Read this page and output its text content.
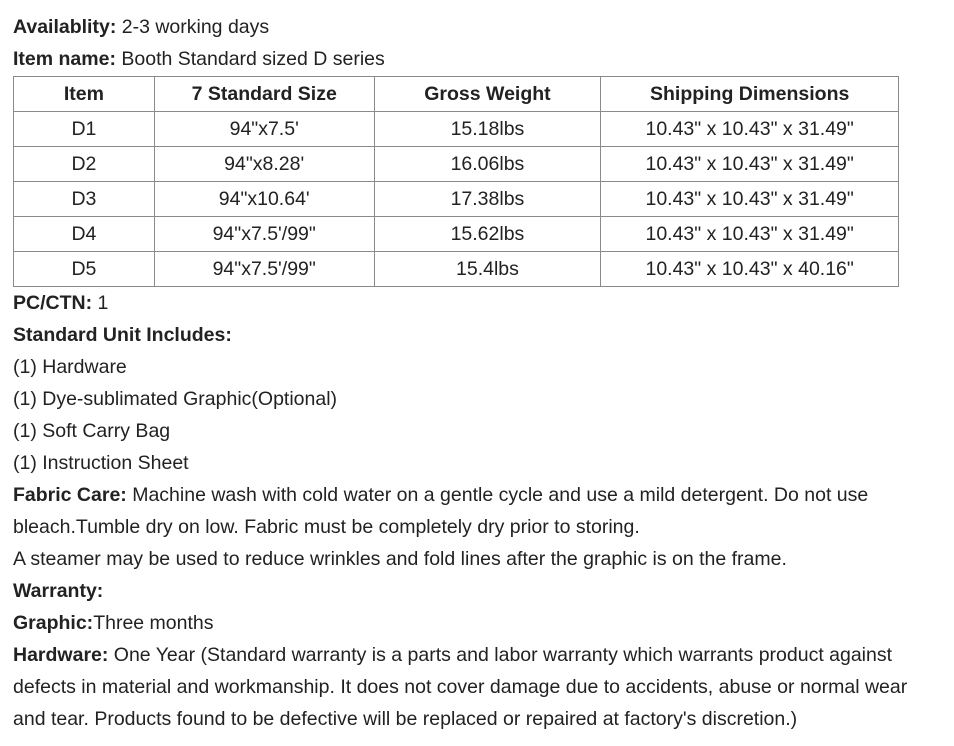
Availablity: 2-3 working days
Item name: Booth Standard sized D series
Item	7 Standard Size	Gross Weight	Shipping Dimensions
D1	94"x7.5'	15.18lbs	10.43" x 10.43" x 31.49"
D2	94"x8.28'	16.06lbs	10.43" x 10.43" x 31.49"
D3	94"x10.64'	17.38lbs	10.43" x 10.43" x 31.49"
D4	94"x7.5'/99"	15.62lbs	10.43" x 10.43" x 31.49"
D5	94"x7.5'/99"	15.4lbs	10.43" x 10.43" x 40.16"
PC/CTN: 1
Standard Unit Includes:
(1) Hardware
(1) Dye-sublimated Graphic(Optional)
(1) Soft Carry Bag
(1) Instruction Sheet
Fabric Care: Machine wash with cold water on a gentle cycle and use a mild detergent. Do not use bleach.Tumble dry on low. Fabric must be completely dry prior to storing.
A steamer may be used to reduce wrinkles and fold lines after the graphic is on the frame.
Warranty:
Graphic:Three months
Hardware: One Year (Standard warranty is a parts and labor warranty which warrants product against defects in material and workmanship. It does not cover damage due to accidents, abuse or normal wear and tear. Products found to be defective will be replaced or repaired at factory's discretion.)
